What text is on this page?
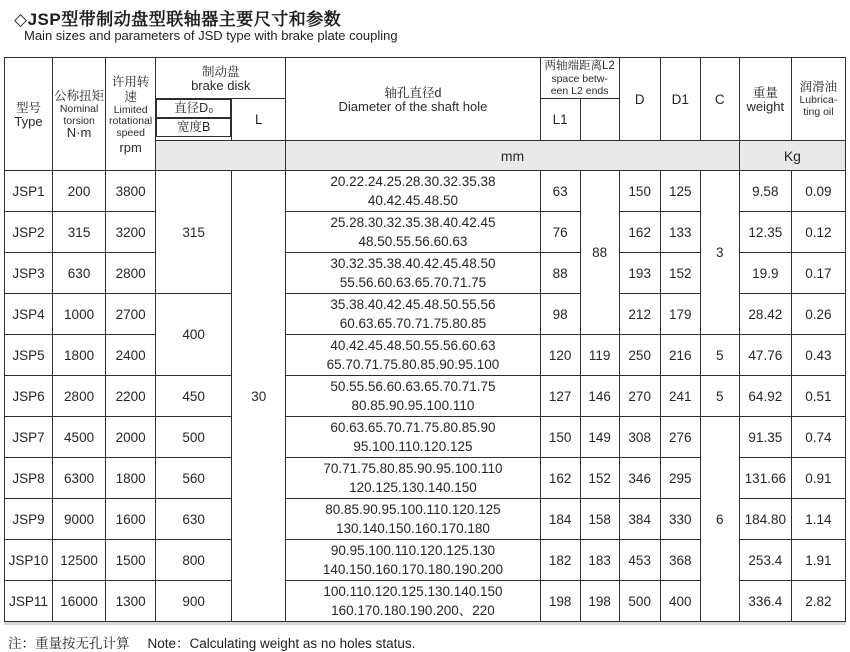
◇JSP型带制动盘型联轴器主要尺寸和参数
Main sizes and parameters of JSD type with brake plate coupling
型号
Type	公称扭矩
Nominal
torsion
N·m	许用转速
Limited
rotational
speed
rpm	制动盘
brake disk		轴孔直径d
Diameter of the shaft hole	两轴端距离L2
space betw-
een L2 ends		D	D1	C	重量
weight	润滑油
Lubrica-
ting oil

直径D₀
宽度B	L		L1						
					mm						Kg	
JSP1	200	3800	315	30	20.22.24.25.28.30.32.35.38
40.42.45.48.50	63	88	150	125	3	9.58	0.09
JSP2	315	3200			25.28.30.32.35.38.40.42.45
48.50.55.56.60.63	76		162	133		12.35	0.12
JSP3	630	2800			30.32.35.38.40.42.45.48.50
55.56.60.63.65.70.71.75	88		193	152		19.9	0.17
JSP4	1000	2700	400		35.38.40.42.45.48.50.55.56
60.63.65.70.71.75.80.85	98		212	179		28.42	0.26
JSP5	1800	2400			40.42.45.48.50.55.56.60.63
65.70.71.75.80.85.90.95.100	120	119	250	216	5	47.76	0.43
JSP6	2800	2200	450		50.55.56.60.63.65.70.71.75
80.85.90.95.100.110	127	146	270	241	5	64.92	0.51
JSP7	4500	2000	500		60.63.65.70.71.75.80.85.90
95.100.110.120.125	150	149	308	276	6	91.35	0.74
JSP8	6300	1800	560		70.71.75.80.85.90.95.100.110
120.125.130.140.150	162	152	346	295		131.66	0.91
JSP9	9000	1600	630		80.85.90.95.100.110.120.125
130.140.150.160.170.180	184	158	384	330		184.80	1.14
JSP10	12500	1500	800		90.95.100.110.120.125.130
140.150.160.170.180.190.200	182	183	453	368		253.4	1.91
JSP11	16000	1300	900		100.110.120.125.130.140.150
160.170.180.190.200、220	198	198	500	400		336.4	2.82
注：重量按无孔计算 Note：Calculating weight as no holes status.
